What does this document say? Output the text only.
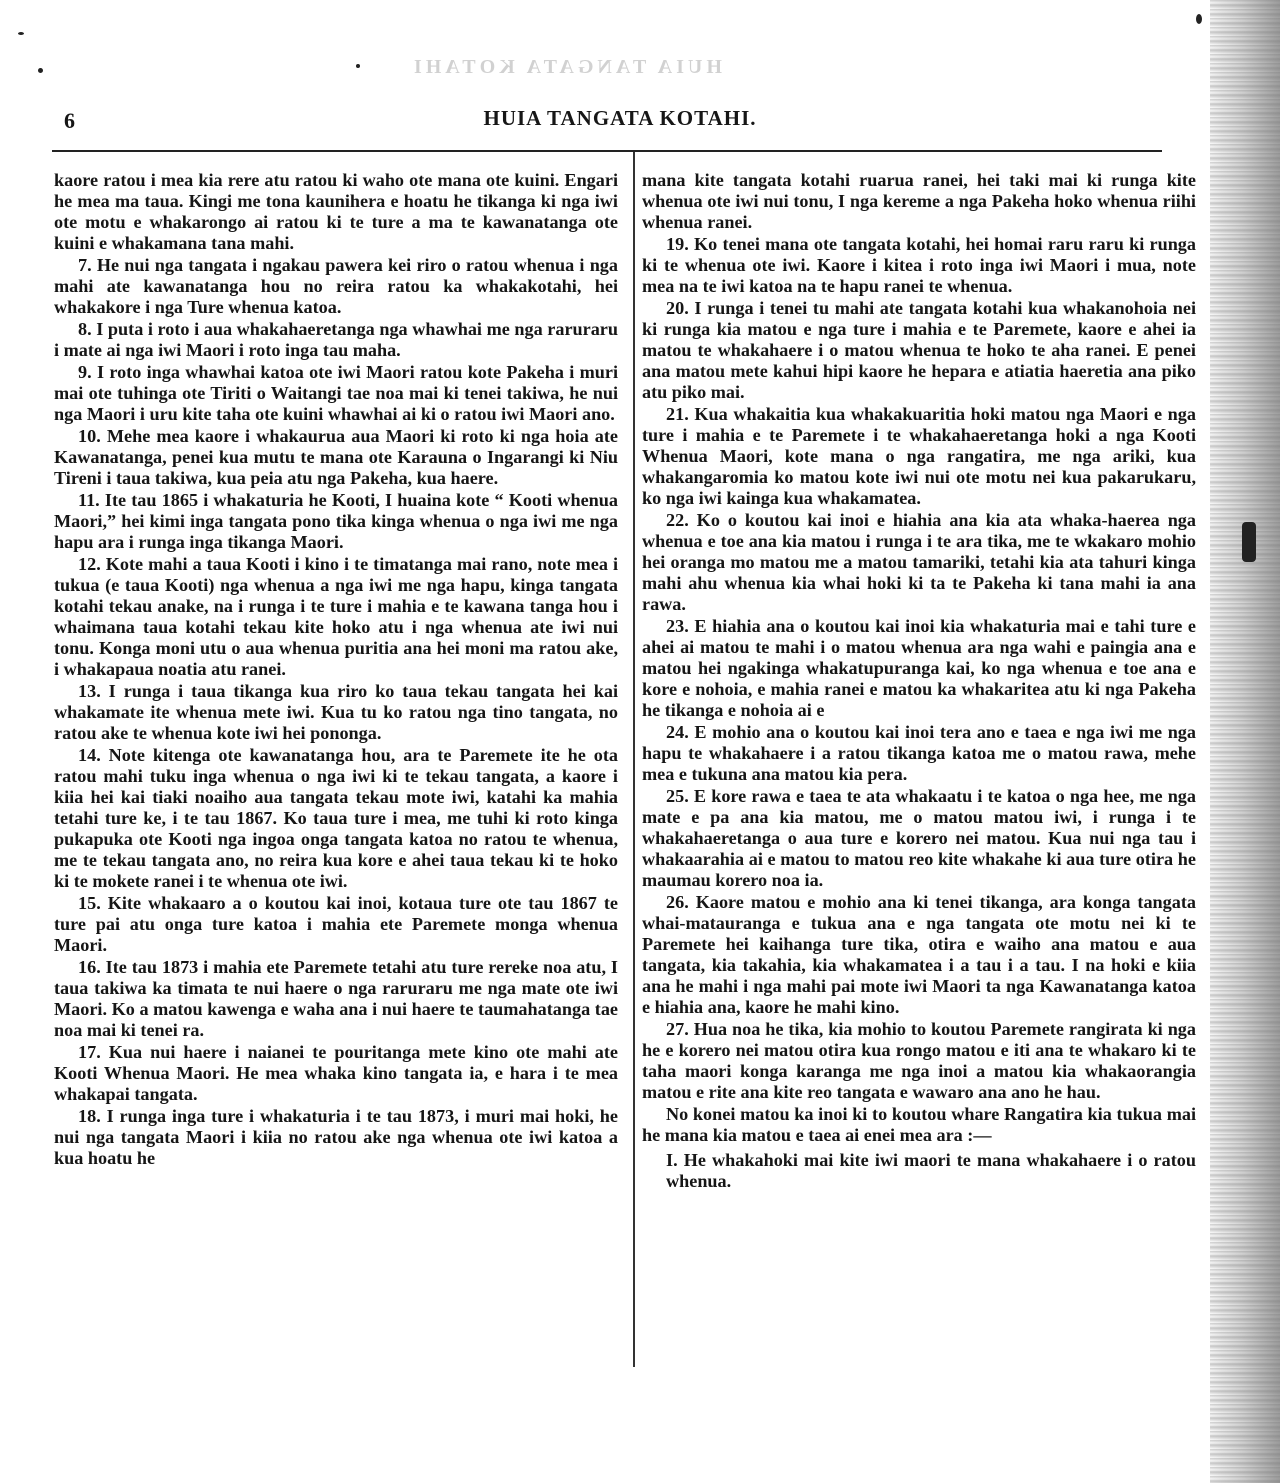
HUIA TANGATA KOTAHI
6	HUIA TANGATA KOTAHI.

kaore ratou i mea kia rere atu ratou ki waho ote mana ote kuini. Engari he mea ma taua. Kingi me tona kaunihera e hoatu he tikanga ki nga iwi ote motu e whakarongo ai ratou ki te ture a ma te kawanatanga ote kuini e whakamana tana mahi.

7. He nui nga tangata i ngakau pawera kei riro o ratou whenua i nga mahi ate kawanatanga hou no reira ratou ka whakakotahi, hei whakakore i nga Ture whenua katoa.

8. I puta i roto i aua whakahaeretanga nga whawhai me nga raruraru i mate ai nga iwi Maori i roto inga tau maha.

9. I roto inga whawhai katoa ote iwi Maori ratou kote Pakeha i muri mai ote tuhinga ote Tiriti o Waitangi tae noa mai ki tenei takiwa, he nui nga Maori i uru kite taha ote kuini whawhai ai ki o ratou iwi Maori ano.

10. Mehe mea kaore i whakaurua aua Maori ki roto ki nga hoia ate Kawanatanga, penei kua mutu te mana ote Karauna o Ingarangi ki Niu Tireni i taua takiwa, kua peia atu nga Pakeha, kua haere.

11. Ite tau 1865 i whakaturia he Kooti, I huaina kote “ Kooti whenua Maori,” hei kimi inga tangata pono tika kinga whenua o nga iwi me nga hapu ara i runga inga tikanga Maori.

12. Kote mahi a taua Kooti i kino i te timatanga mai rano, note mea i tukua (e taua Kooti) nga whenua a nga iwi me nga hapu, kinga tangata kotahi tekau anake, na i runga i te ture i mahia e te kawana tanga hou i whaimana taua kotahi tekau kite hoko atu i nga whenua ate iwi nui tonu. Konga moni utu o aua whenua puritia ana hei moni ma ratou ake, i whakapaua noatia atu ranei.

13. I runga i taua tikanga kua riro ko taua tekau tangata hei kai whakamate ite whenua mete iwi. Kua tu ko ratou nga tino tangata, no ratou ake te whenua kote iwi hei pononga.

14. Note kitenga ote kawanatanga hou, ara te Paremete ite he ota ratou mahi tuku inga whenua o nga iwi ki te tekau tangata, a kaore i kiia hei kai tiaki noaiho aua tangata tekau mote iwi, katahi ka mahia tetahi ture ke, i te tau 1867. Ko taua ture i mea, me tuhi ki roto kinga pukapuka ote Kooti nga ingoa onga tangata katoa no ratou te whenua, me te tekau tangata ano, no reira kua kore e ahei taua tekau ki te hoko ki te mokete ranei i te whenua ote iwi.

15. Kite whakaaro a o koutou kai inoi, kotaua ture ote tau 1867 te ture pai atu onga ture katoa i mahia ete Paremete monga whenua Maori.

16. Ite tau 1873 i mahia ete Paremete tetahi atu ture rereke noa atu, I taua takiwa ka timata te nui haere o nga raruraru me nga mate ote iwi Maori. Ko a matou kawenga e waha ana i nui haere te taumahatanga tae noa mai ki tenei ra.

17. Kua nui haere i naianei te pouritanga mete kino ote mahi ate Kooti Whenua Maori. He mea whaka kino tangata ia, e hara i te mea whakapai tangata.

18. I runga inga ture i whakaturia i te tau 1873, i muri mai hoki, he nui nga tangata Maori i kiia no ratou ake nga whenua ote iwi katoa a kua hoatu he

mana kite tangata kotahi ruarua ranei, hei taki mai ki runga kite whenua ote iwi nui tonu, I nga kereme a nga Pakeha hoko whenua riihi whenua ranei.

19. Ko tenei mana ote tangata kotahi, hei homai raru raru ki runga ki te whenua ote iwi. Kaore i kitea i roto inga iwi Maori i mua, note mea na te iwi katoa na te hapu ranei te whenua.

20. I runga i tenei tu mahi ate tangata kotahi kua whakanohoia nei ki runga kia matou e nga ture i mahia e te Paremete, kaore e ahei ia matou te whakahaere i o matou whenua te hoko te aha ranei. E penei ana matou mete kahui hipi kaore he hepara e atiatia haeretia ana piko atu piko mai.

21. Kua whakaitia kua whakakuaritia hoki matou nga Maori e nga ture i mahia e te Paremete i te whakahaeretanga hoki a nga Kooti Whenua Maori, kote mana o nga rangatira, me nga ariki, kua whakangaromia ko matou kote iwi nui ote motu nei kua pakarukaru, ko nga iwi kainga kua whakamatea.

22. Ko o koutou kai inoi e hiahia ana kia ata whaka-haerea nga whenua e toe ana kia matou i runga i te ara tika, me te wkakaro mohio hei oranga mo matou me a matou tamariki, tetahi kia ata tahuri kinga mahi ahu whenua kia whai hoki ki ta te Pakeha ki tana mahi ia ana rawa.

23. E hiahia ana o koutou kai inoi kia whakaturia mai e tahi ture e ahei ai matou te mahi i o matou whenua ara nga wahi e paingia ana e matou hei ngakinga whakatupuranga kai, ko nga whenua e toe ana e kore e nohoia, e mahia ranei e matou ka whakaritea atu ki nga Pakeha he tikanga e nohoia ai e

24. E mohio ana o koutou kai inoi tera ano e taea e nga iwi me nga hapu te whakahaere i a ratou tikanga katoa me o matou rawa, mehe mea e tukuna ana matou kia pera.

25. E kore rawa e taea te ata whakaatu i te katoa o nga hee, me nga mate e pa ana kia matou, me o matou matou iwi, i runga i te whakahaeretanga o aua ture e korero nei matou. Kua nui nga tau i whakaarahia ai e matou to matou reo kite whakahe ki aua ture otira he maumau korero noa ia.

26. Kaore matou e mohio ana ki tenei tikanga, ara konga tangata whai-matauranga e tukua ana e nga tangata ote motu nei ki te Paremete hei kaihanga ture tika, otira e waiho ana matou e aua tangata, kia takahia, kia whakamatea i a tau i a tau. I na hoki e kiia ana he mahi i nga mahi pai mote iwi Maori ta nga Kawanatanga katoa e hiahia ana, kaore he mahi kino.

27. Hua noa he tika, kia mohio to koutou Paremete rangirata ki nga he e korero nei matou otira kua rongo matou e iti ana te whakaro ki te taha maori konga karanga me nga inoi a matou kia whakaorangia matou e rite ana kite reo tangata e wawaro ana ano he hau.

No konei matou ka inoi ki to koutou whare Rangatira kia tukua mai he mana kia matou e taea ai enei mea ara :—

I. He whakahoki mai kite iwi maori te mana whakahaere i o ratou whenua.
